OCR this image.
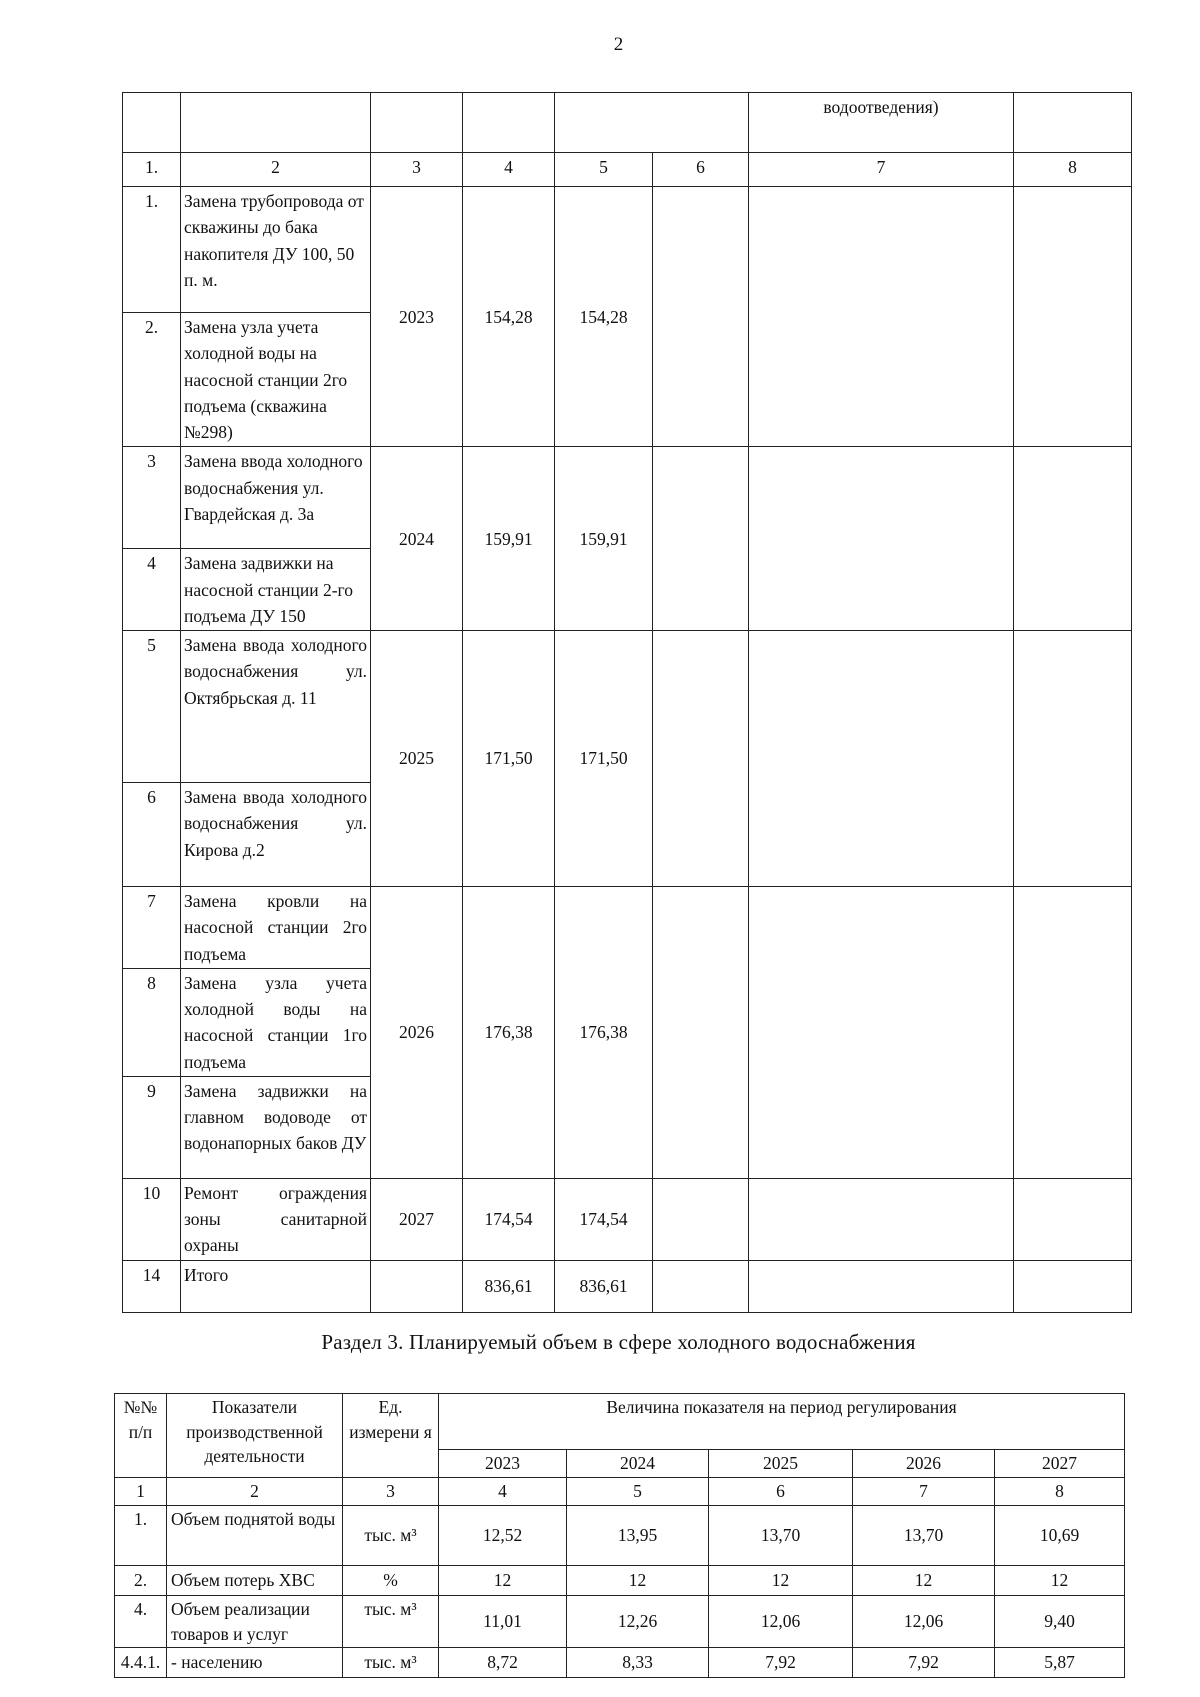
2
						водоотведения)	
1.	2	3	4	5	6	7	8
1.	Замена трубопровода от скважины до бака накопителя ДУ 100, 50 п. м.	2023	154,28	154,28			
2.	Замена узла учета холодной воды на насосной станции 2го подъема (скважина №298)						
3	Замена ввода холодного водоснабжения ул. Гвардейская д. 3а	2024	159,91	159,91			
4	Замена задвижки на насосной станции 2-го подъема ДУ 150						
5	Замена ввода холодного водоснабжения ул. Октябрьская д. 11	2025	171,50	171,50			
6	Замена ввода холодного водоснабжения ул. Кирова д.2						
7	Замена кровли на насосной станции 2го подъема	2026	176,38	176,38			
8	Замена узла учета холодной воды на насосной станции 1го подъема						
9	Замена задвижки на главном водоводе от водонапорных баков ДУ						
10	Ремонт ограждения зоны санитарной охраны	2027	174,54	174,54			
14	Итого		836,61	836,61			
Раздел 3. Планируемый объем в сфере холодного водоснабжения
№№ п/п	Показатели производственной деятельности	Ед. измерени я	Величина показателя на период регулирования				
			2023	2024	2025	2026	2027
1	2	3	4	5	6	7	8
1.	Объем поднятой воды	тыс. м³	12,52	13,95	13,70	13,70	10,69
2.	Объем потерь ХВС	%	12	12	12	12	12
4.	Объем реализации товаров и услуг	тыс. м³	11,01	12,26	12,06	12,06	9,40
4.4.1.	- населению	тыс. м³	8,72	8,33	7,92	7,92	5,87
